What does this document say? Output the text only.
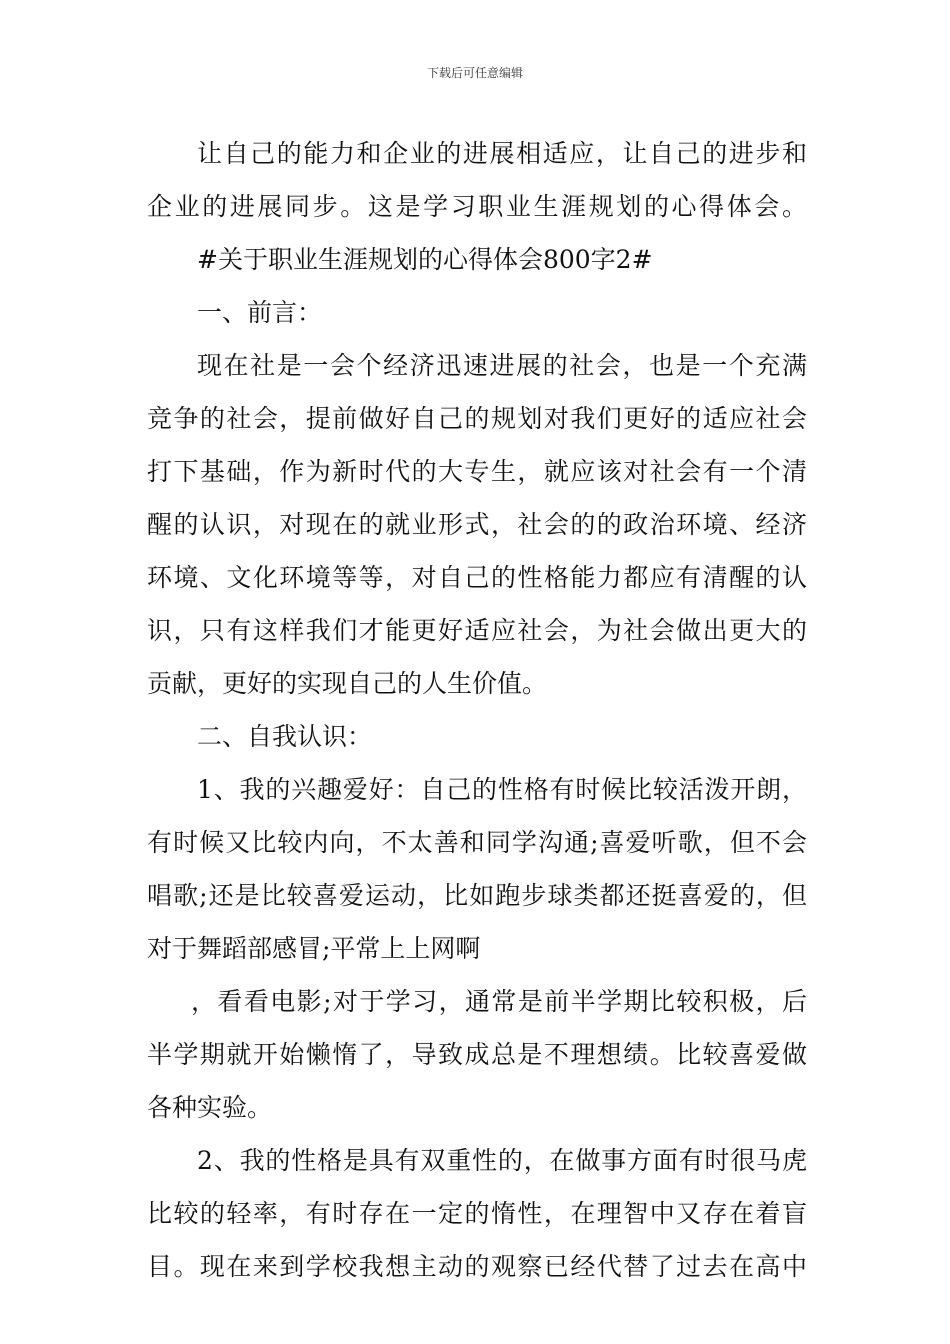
下载后可任意编辑
让自己的能力和企业的进展相适应，让自己的进步和
企业的进展同步。这是学习职业生涯规划的心得体会。
#关于职业生涯规划的心得体会800字2#
一、前言：
现在社是一会个经济迅速进展的社会，也是一个充满
竞争的社会，提前做好自己的规划对我们更好的适应社会
打下基础，作为新时代的大专生，就应该对社会有一个清
醒的认识，对现在的就业形式，社会的的政治环境、经济
环境、文化环境等等，对自己的性格能力都应有清醒的认
识，只有这样我们才能更好适应社会，为社会做出更大的
贡献，更好的实现自己的人生价值。
二、自我认识：
1、我的兴趣爱好：自己的性格有时候比较活泼开朗，
有时候又比较内向，不太善和同学沟通;喜爱听歌，但不会
唱歌;还是比较喜爱运动，比如跑步球类都还挺喜爱的，但
对于舞蹈部感冒;平常上上网啊
，看看电影;对于学习，通常是前半学期比较积极，后
半学期就开始懒惰了，导致成总是不理想绩。比较喜爱做
各种实验。
2、我的性格是具有双重性的，在做事方面有时很马虎
比较的轻率，有时存在一定的惰性，在理智中又存在着盲
目。现在来到学校我想主动的观察已经代替了过去在高中
